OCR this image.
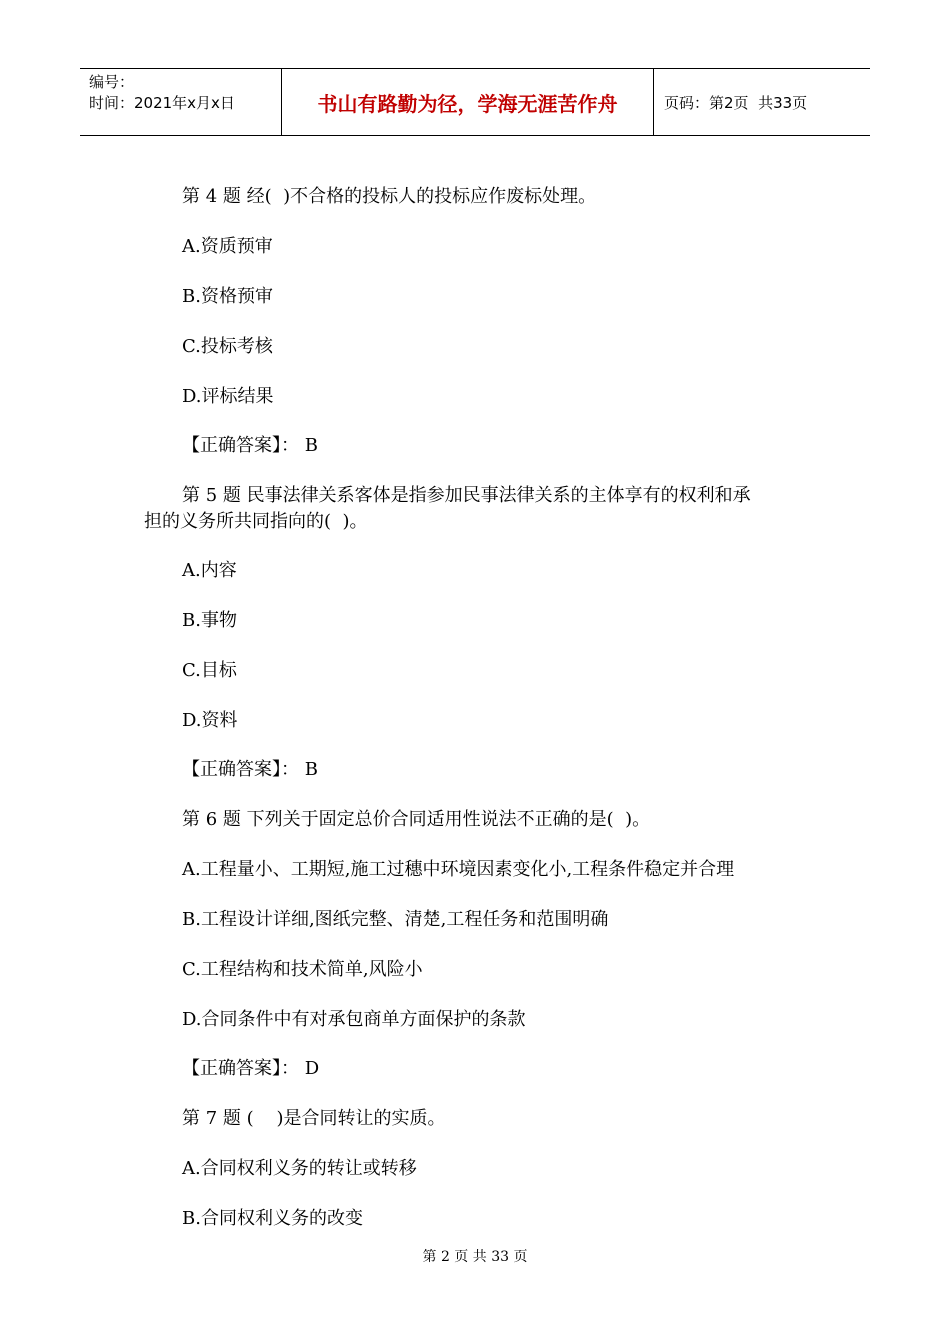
编号：
时间：2021年x月x日	书山有路勤为径，学海无涯苦作舟	页码：第2页  共33页
第 4 题 经(  )不合格的投标人的投标应作废标处理。
A.资质预审
B.资格预审
C.投标考核
D.评标结果
【正确答案】： B
第 5 题 民事法律关系客体是指参加民事法律关系的主体享有的权利和承
担的义务所共同指向的(  )。
A.内容
B.事物
C.目标
D.资料
【正确答案】： B
第 6 题 下列关于固定总价合同适用性说法不正确的是(  )。
A.工程量小、工期短,施工过穗中环境因素变化小,工程条件稳定并合理
B.工程设计详细,图纸完整、清楚,工程任务和范围明确
C.工程结构和技术简单,风险小
D.合同条件中有对承包商单方面保护的条款
【正确答案】： D
第 7 题 (    )是合同转让的实质。
A.合同权利义务的转让或转移
B.合同权利义务的改变
第 2 页 共 33 页
